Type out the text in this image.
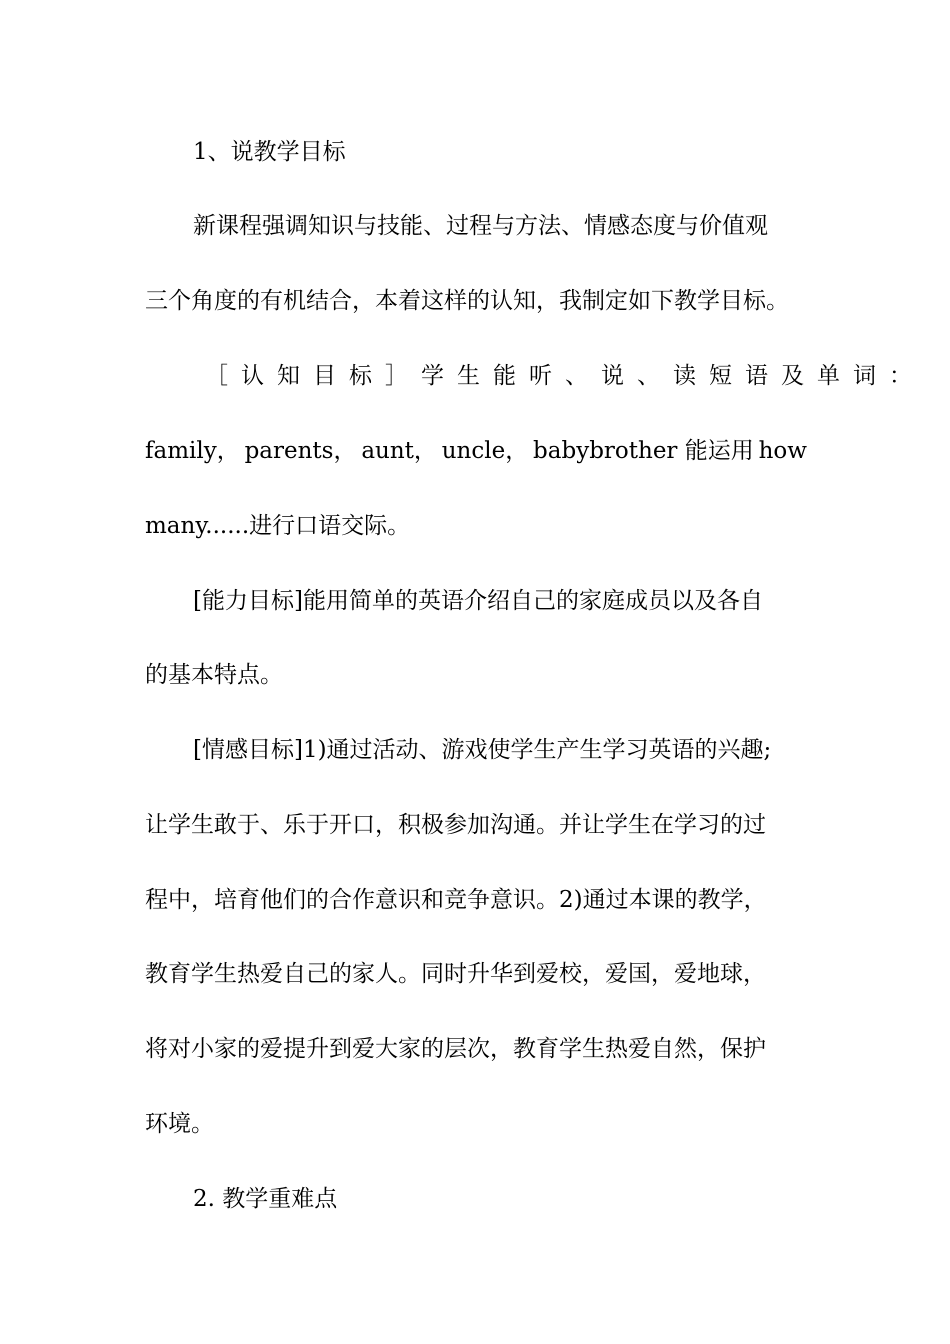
1、说教学目标
新课程强调知识与技能、过程与方法、情感态度与价值观
三个角度的有机结合，本着这样的认知，我制定如下教学目标。
［认知目标］ 学生能听、说、读短语及单词：
family， parents， aunt， uncle， babybrother 能运用 how
many......进行口语交际。
[能力目标]能用简单的英语介绍自己的家庭成员以及各自
的基本特点。
[情感目标]1)通过活动、游戏使学生产生学习英语的兴趣;
让学生敢于、乐于开口，积极参加沟通。并让学生在学习的过
程中，培育他们的合作意识和竞争意识。2)通过本课的教学，
教育学生热爱自己的家人。同时升华到爱校，爱国，爱地球，
将对小家的爱提升到爱大家的层次，教育学生热爱自然，保护
环境。
2. 教学重难点
